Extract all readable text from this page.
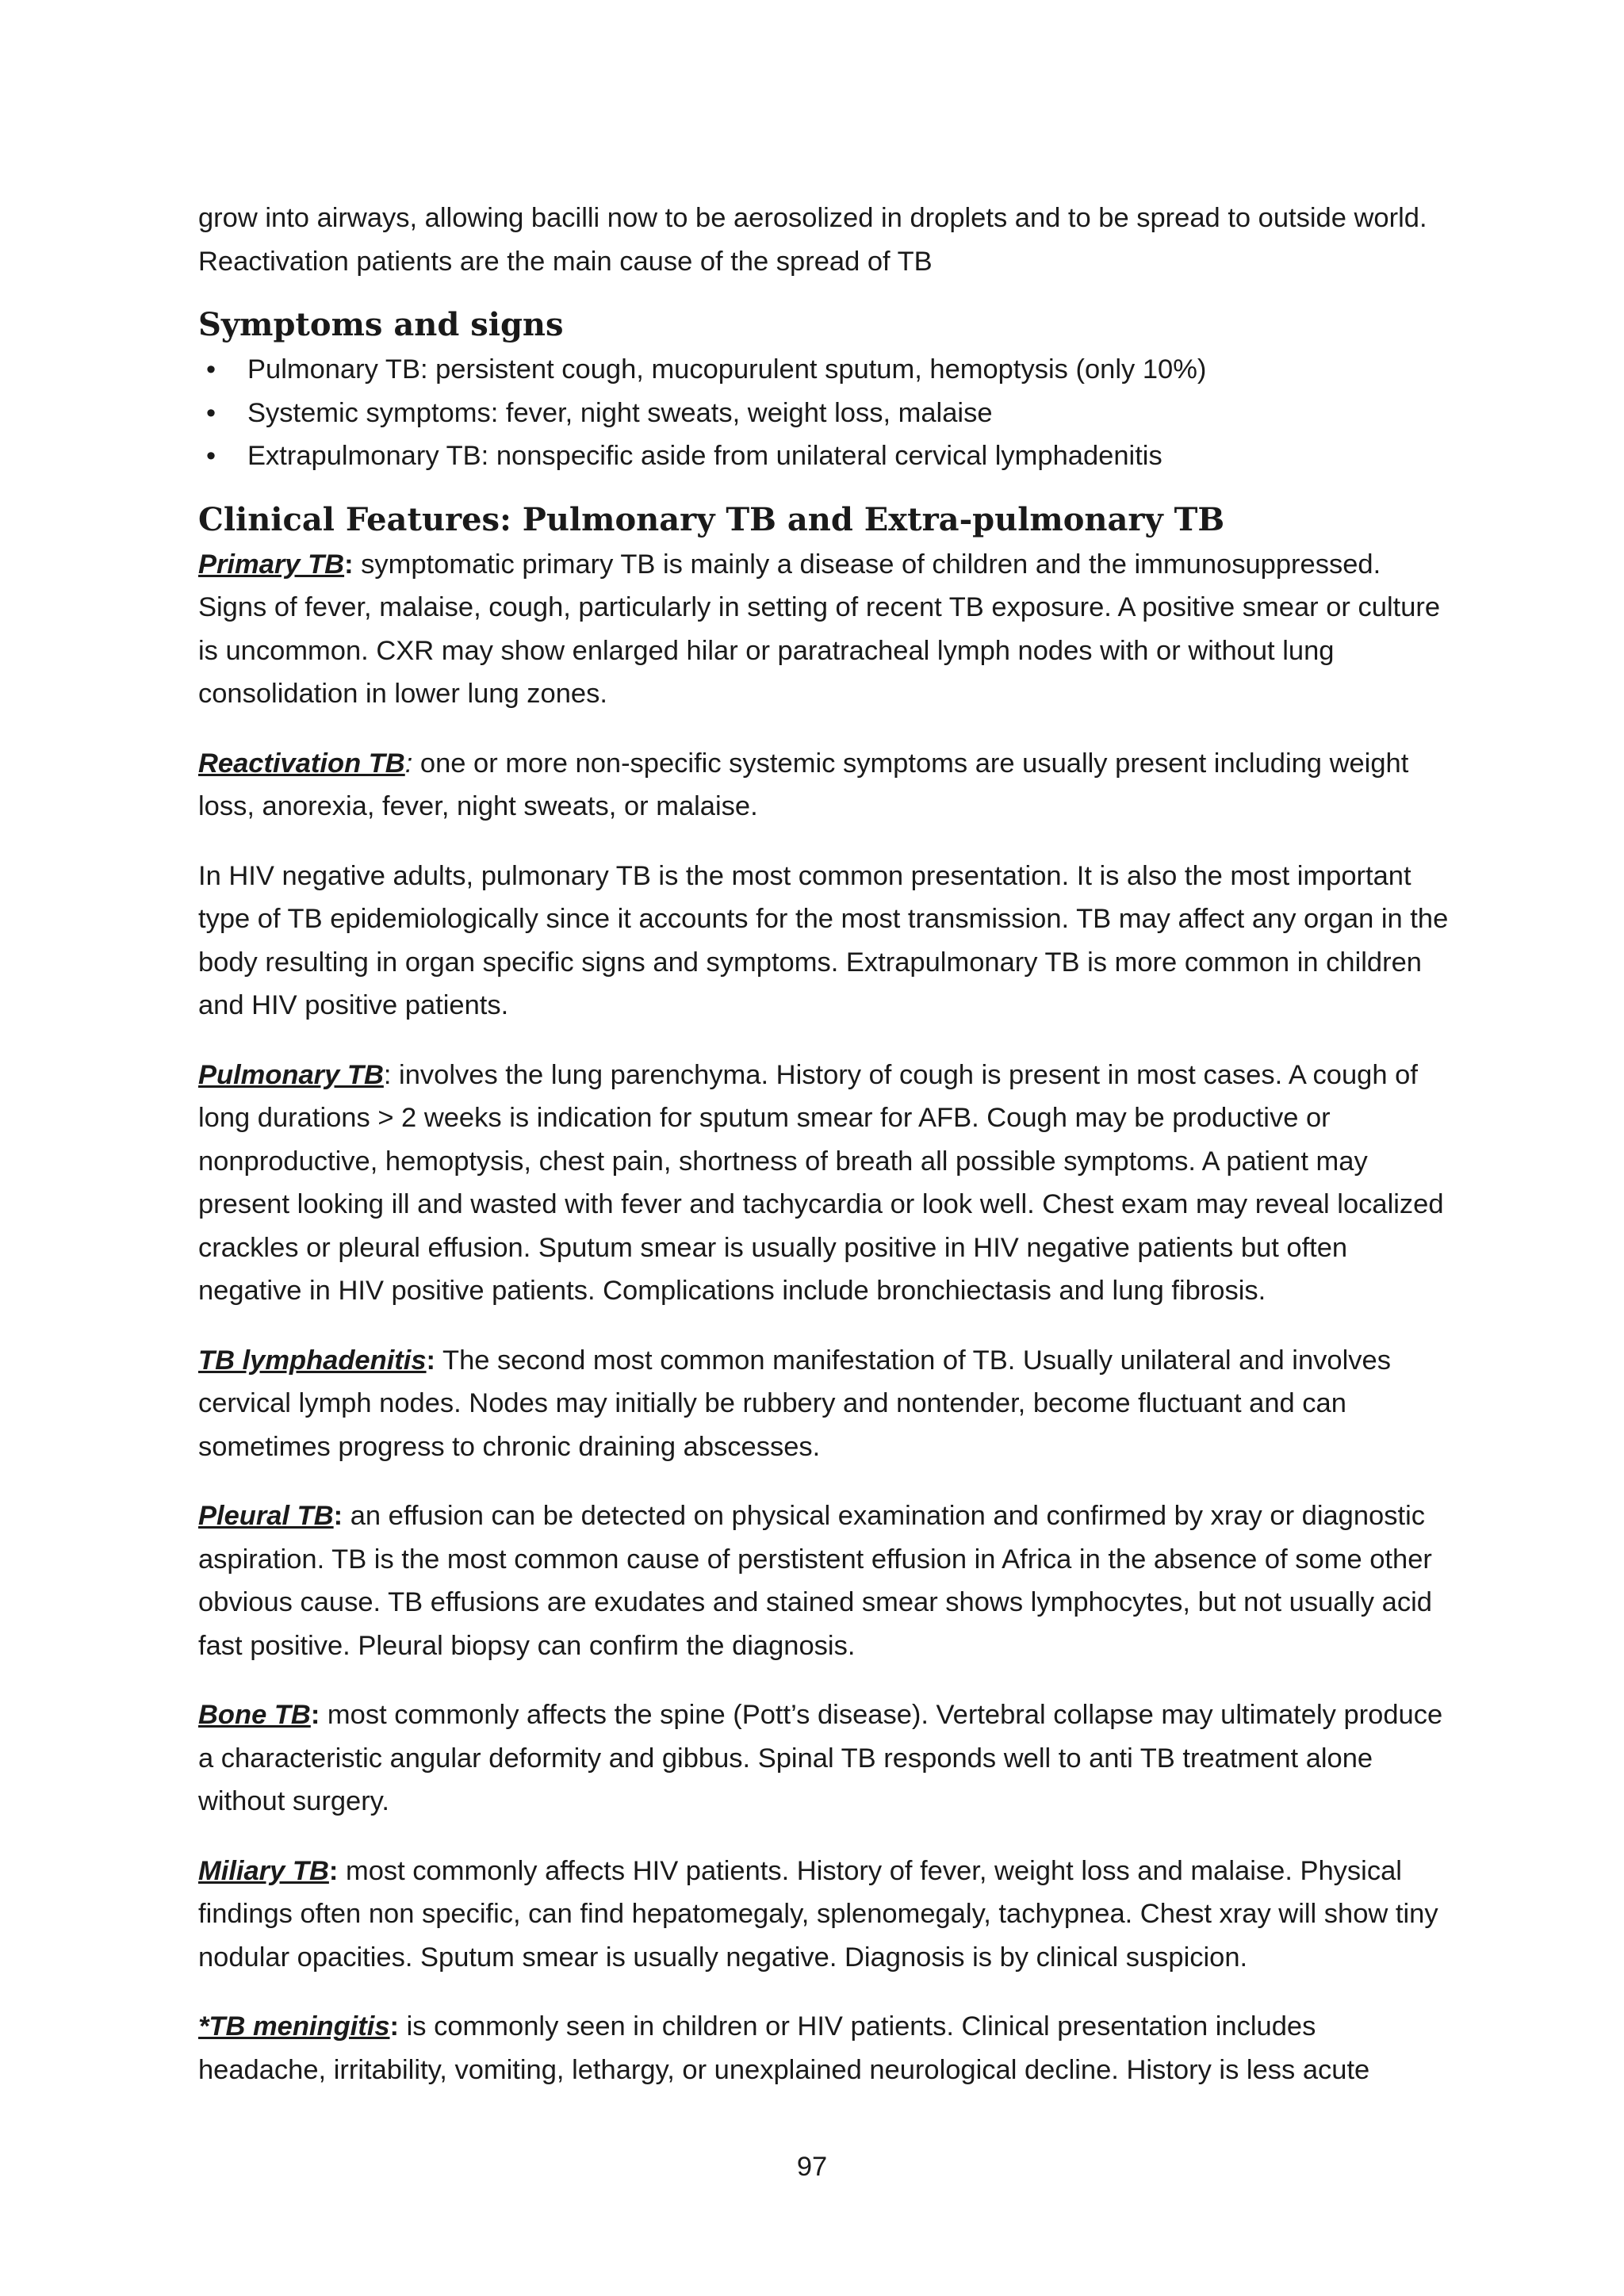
grow into airways, allowing bacilli now to be aerosolized in droplets and to be spread to outside world. Reactivation patients are the main cause of the spread of TB

Symptoms and signs
• Pulmonary TB: persistent cough, mucopurulent sputum, hemoptysis (only 10%)
• Systemic symptoms: fever, night sweats, weight loss, malaise
• Extrapulmonary TB: nonspecific aside from unilateral cervical lymphadenitis
Clinical Features: Pulmonary TB and Extra-pulmonary TB

Primary TB: symptomatic primary TB is mainly a disease of children and the immunosuppressed. Signs of fever, malaise, cough, particularly in setting of recent TB exposure. A positive smear or culture is uncommon. CXR may show enlarged hilar or paratracheal lymph nodes with or without lung consolidation in lower lung zones.

Reactivation TB: one or more non-specific systemic symptoms are usually present including weight loss, anorexia, fever, night sweats, or malaise.

In HIV negative adults, pulmonary TB is the most common presentation. It is also the most important type of TB epidemiologically since it accounts for the most transmission. TB may affect any organ in the body resulting in organ specific signs and symptoms. Extrapulmonary TB is more common in children and HIV positive patients.

Pulmonary TB: involves the lung parenchyma. History of cough is present in most cases. A cough of long durations > 2 weeks is indication for sputum smear for AFB. Cough may be productive or nonproductive, hemoptysis, chest pain, shortness of breath all possible symptoms. A patient may present looking ill and wasted with fever and tachycardia or look well. Chest exam may reveal localized crackles or pleural effusion. Sputum smear is usually positive in HIV negative patients but often negative in HIV positive patients. Complications include bronchiectasis and lung fibrosis.

TB lymphadenitis: The second most common manifestation of TB. Usually unilateral and involves cervical lymph nodes. Nodes may initially be rubbery and nontender, become fluctuant and can sometimes progress to chronic draining abscesses.

Pleural TB: an effusion can be detected on physical examination and confirmed by xray or diagnostic aspiration. TB is the most common cause of perstistent effusion in Africa in the absence of some other obvious cause. TB effusions are exudates and stained smear shows lymphocytes, but not usually acid fast positive. Pleural biopsy can confirm the diagnosis.

Bone TB: most commonly affects the spine (Pott’s disease). Vertebral collapse may ultimately produce a characteristic angular deformity and gibbus. Spinal TB responds well to anti TB treatment alone without surgery.

Miliary TB: most commonly affects HIV patients. History of fever, weight loss and malaise. Physical findings often non specific, can find hepatomegaly, splenomegaly, tachypnea. Chest xray will show tiny nodular opacities. Sputum smear is usually negative. Diagnosis is by clinical suspicion.

*TB meningitis: is commonly seen in children or HIV patients. Clinical presentation includes headache, irritability, vomiting, lethargy, or unexplained neurological decline. History is less acute

97
